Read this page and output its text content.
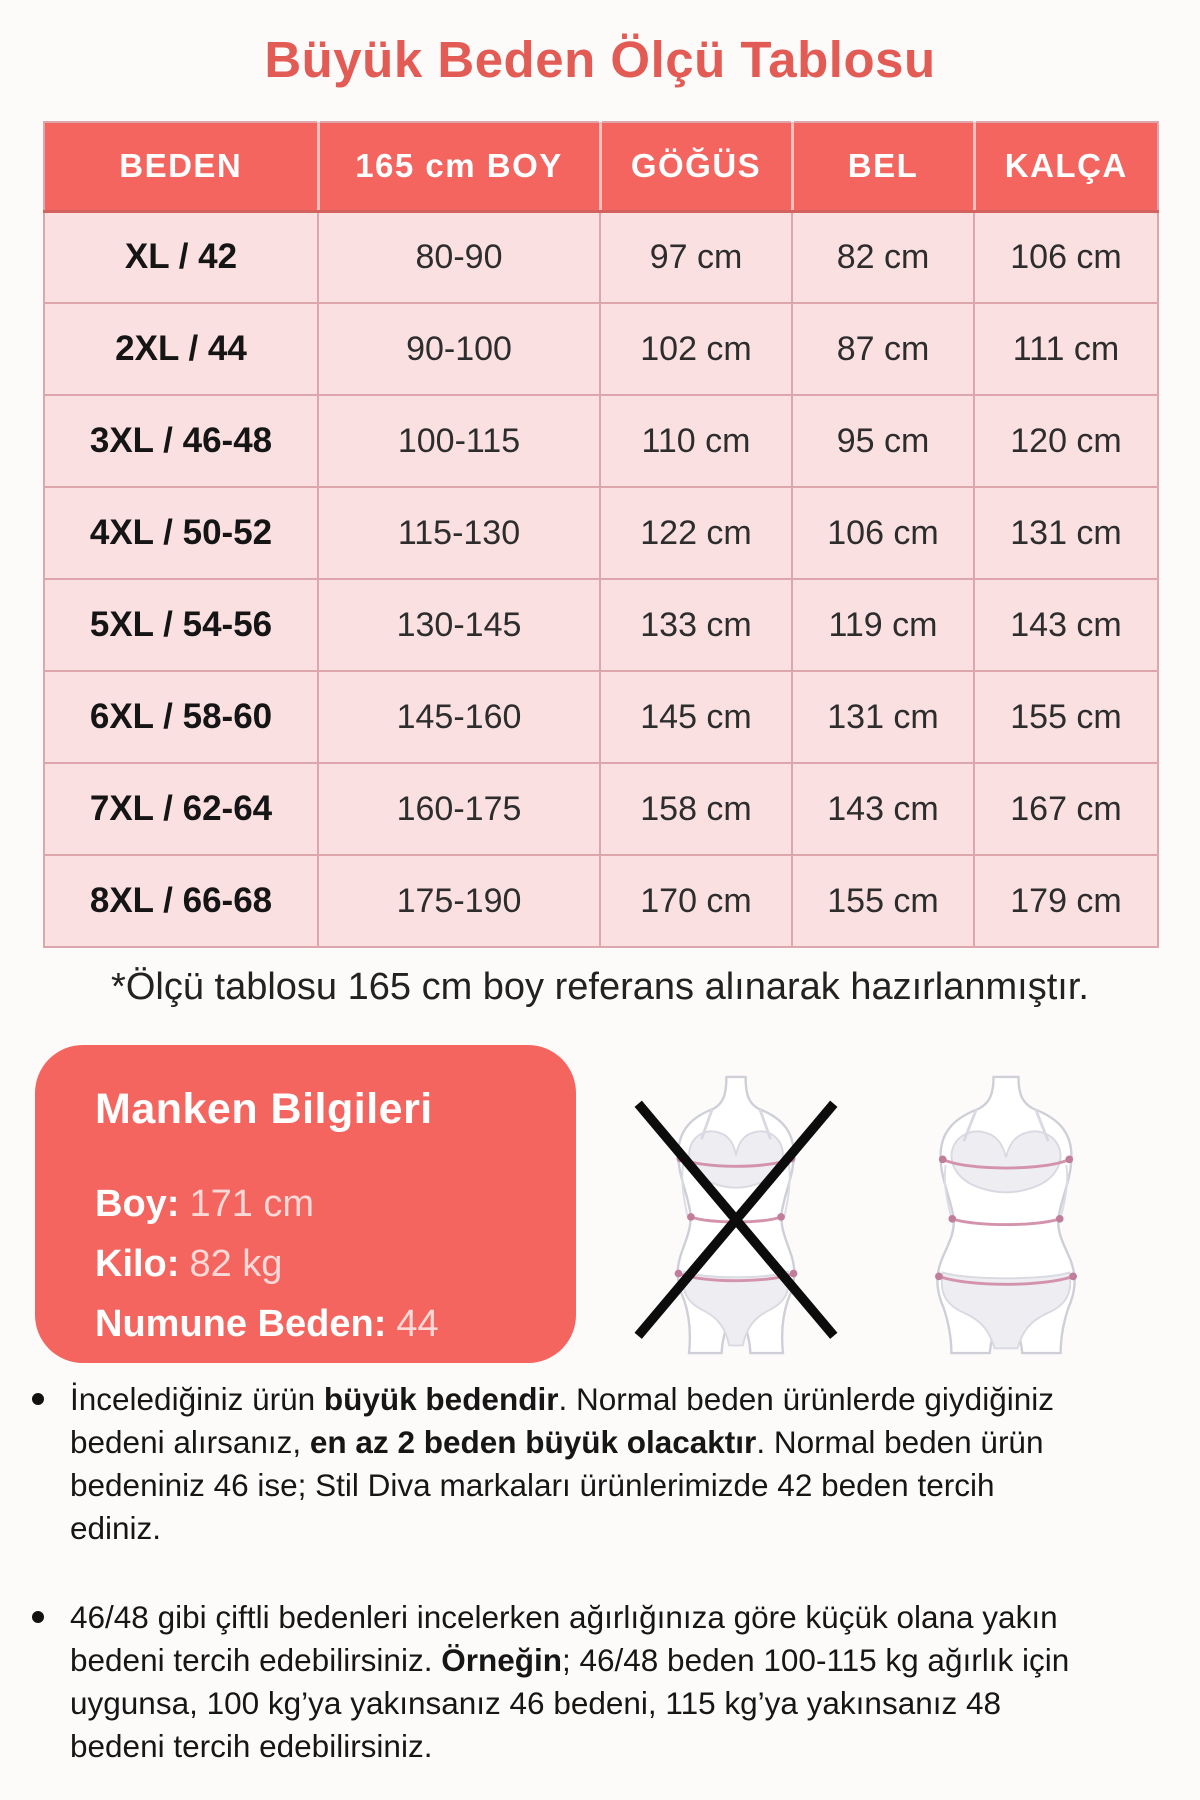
Büyük Beden Ölçü Tablosu
BEDEN	165 cm BOY	GÖĞÜS	BEL	KALÇA
XL / 42	80-90	97 cm	82 cm	106 cm
2XL / 44	90-100	102 cm	87 cm	111 cm
3XL / 46-48	100-115	110 cm	95 cm	120 cm
4XL / 50-52	115-130	122 cm	106 cm	131 cm
5XL / 54-56	130-145	133 cm	119 cm	143 cm
6XL / 58-60	145-160	145 cm	131 cm	155 cm
7XL / 62-64	160-175	158 cm	143 cm	167 cm
8XL / 66-68	175-190	170 cm	155 cm	179 cm

*Ölçü tablosu 165 cm boy referans alınarak hazırlanmıştır.

Manken Bilgileri
Boy: 171 cm
Kilo: 82 kg
Numune Beden: 44
İncelediğiniz ürün büyük bedendir. Normal beden ürünlerde giydiğiniz bedeni alırsanız, en az 2 beden büyük olacaktır. Normal beden ürün bedeniniz 46 ise; Stil Diva markaları ürünlerimizde 42 beden tercih ediniz.
46/48 gibi çiftli bedenleri incelerken ağırlığınıza göre küçük olana yakın bedeni tercih edebilirsiniz. Örneğin; 46/48 beden 100-115 kg ağırlık için uygunsa, 100 kg’ya yakınsanız 46 bedeni, 115 kg’ya yakınsanız 48 bedeni tercih edebilirsiniz.
